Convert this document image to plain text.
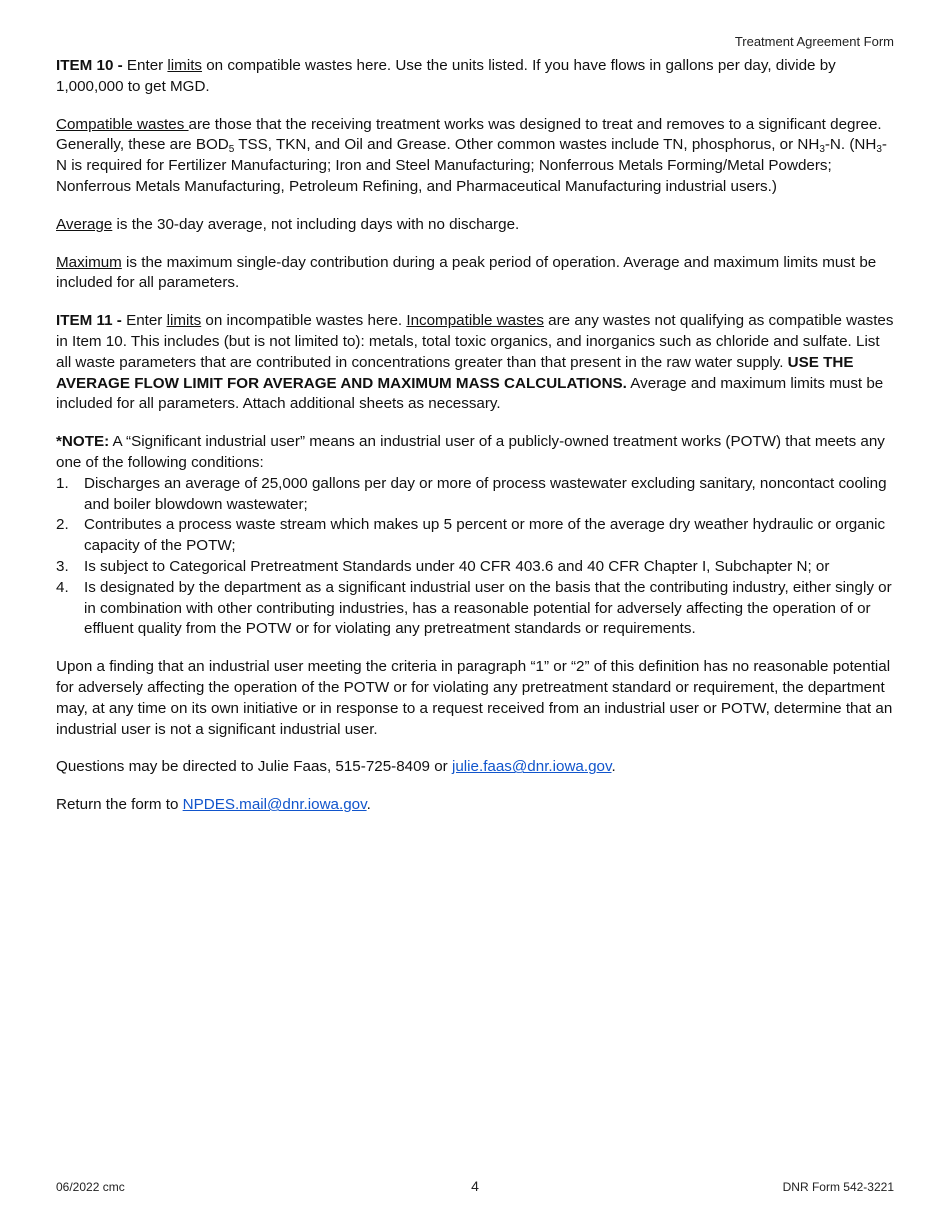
Treatment Agreement Form

ITEM 10 - Enter limits on compatible wastes here. Use the units listed. If you have flows in gallons per day, divide by 1,000,000 to get MGD.

Compatible wastes are those that the receiving treatment works was designed to treat and removes to a significant degree. Generally, these are $BOD_5$ TSS, TKN, and Oil and Grease. Other common wastes include TN, phosphorus, or $NH_3-N$. ($NH_3-N$ is required for Fertilizer Manufacturing; Iron and Steel Manufacturing; Nonferrous Metals Forming/Metal Powders; Nonferrous Metals Manufacturing, Petroleum Refining, and Pharmaceutical Manufacturing industrial users.)

Average is the 30-day average, not including days with no discharge.

Maximum is the maximum single-day contribution during a peak period of operation. Average and maximum limits must be included for all parameters.

ITEM 11 - Enter limits on incompatible wastes here. Incompatible wastes are any wastes not qualifying as compatible wastes in Item 10. This includes (but is not limited to): metals, total toxic organics, and inorganics such as chloride and sulfate. List all waste parameters that are contributed in concentrations greater than that present in the raw water supply. USE THE AVERAGE FLOW LIMIT FOR AVERAGE AND MAXIMUM MASS CALCULATIONS. Average and maximum limits must be included for all parameters. Attach additional sheets as necessary.

*NOTE: A “Significant industrial user” means an industrial user of a publicly-owned treatment works (POTW) that meets any one of the following conditions:
1. Discharges an average of 25,000 gallons per day or more of process wastewater excluding sanitary, noncontact cooling and boiler blowdown wastewater;
2. Contributes a process waste stream which makes up 5 percent or more of the average dry weather hydraulic or organic capacity of the POTW;
3. Is subject to Categorical Pretreatment Standards under 40 CFR 403.6 and 40 CFR Chapter I, Subchapter N; or
4. Is designated by the department as a significant industrial user on the basis that the contributing industry, either singly or in combination with other contributing industries, has a reasonable potential for adversely affecting the operation of or effluent quality from the POTW or for violating any pretreatment standards or requirements.

Upon a finding that an industrial user meeting the criteria in paragraph “1” or “2” of this definition has no reasonable potential for adversely affecting the operation of the POTW or for violating any pretreatment standard or requirement, the department may, at any time on its own initiative or in response to a request received from an industrial user or POTW, determine that an industrial user is not a significant industrial user.

Questions may be directed to Julie Faas, 515-725-8409 or julie.faas@dnr.iowa.gov.

Return the form to NPDES.mail@dnr.iowa.gov.

06/2022 cmc	4	DNR Form 542-3221
